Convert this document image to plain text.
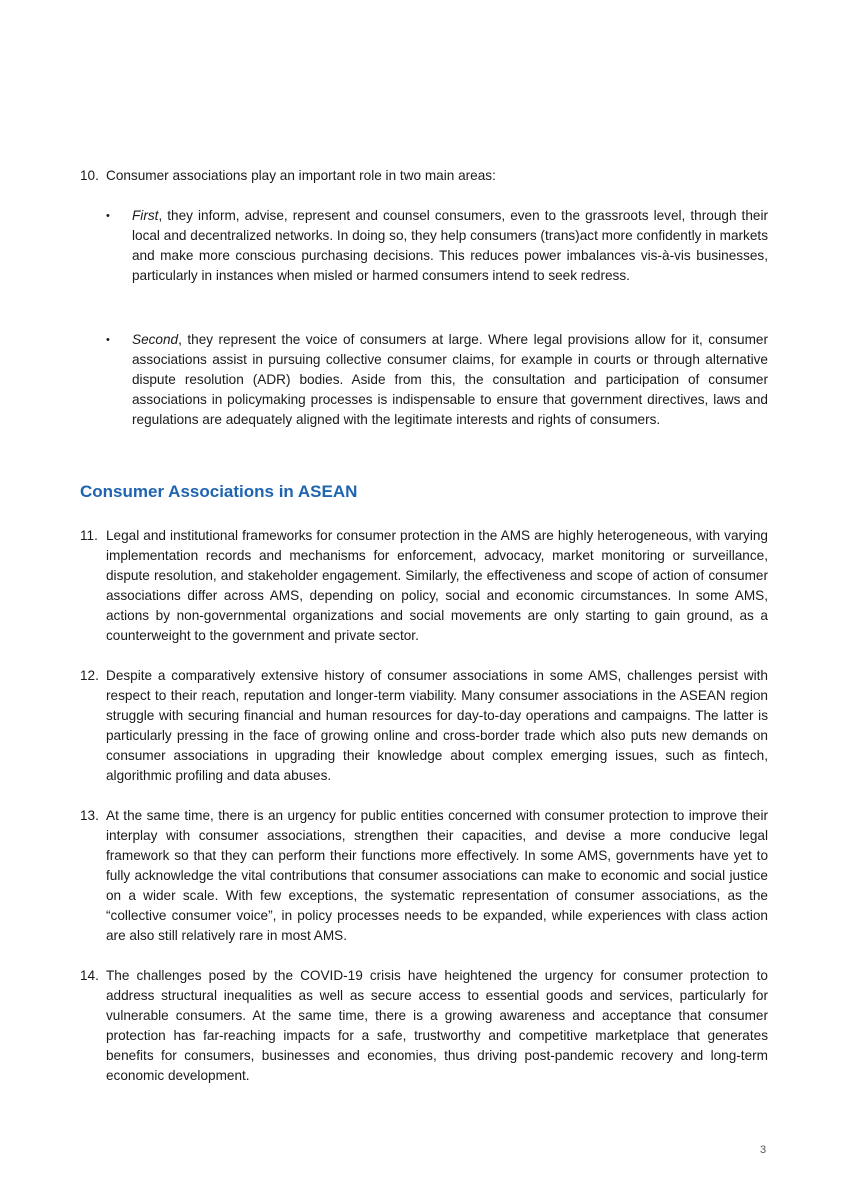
10. Consumer associations play an important role in two main areas:
• First, they inform, advise, represent and counsel consumers, even to the grassroots level, through their local and decentralized networks. In doing so, they help consumers (trans)act more confidently in markets and make more conscious purchasing decisions. This reduces power imbalances vis-à-vis businesses, particularly in instances when misled or harmed consumers intend to seek redress.
• Second, they represent the voice of consumers at large. Where legal provisions allow for it, consumer associations assist in pursuing collective consumer claims, for example in courts or through alternative dispute resolution (ADR) bodies. Aside from this, the consultation and participation of consumer associations in policymaking processes is indispensable to ensure that government directives, laws and regulations are adequately aligned with the legitimate interests and rights of consumers.
Consumer Associations in ASEAN
11. Legal and institutional frameworks for consumer protection in the AMS are highly heterogeneous, with varying implementation records and mechanisms for enforcement, advocacy, market monitoring or surveillance, dispute resolution, and stakeholder engagement. Similarly, the effectiveness and scope of action of consumer associations differ across AMS, depending on policy, social and economic circumstances. In some AMS, actions by non-governmental organizations and social movements are only starting to gain ground, as a counterweight to the government and private sector.
12. Despite a comparatively extensive history of consumer associations in some AMS, challenges persist with respect to their reach, reputation and longer-term viability. Many consumer associations in the ASEAN region struggle with securing financial and human resources for day-to-day operations and campaigns. The latter is particularly pressing in the face of growing online and cross-border trade which also puts new demands on consumer associations in upgrading their knowledge about complex emerging issues, such as fintech, algorithmic profiling and data abuses.
13. At the same time, there is an urgency for public entities concerned with consumer protection to improve their interplay with consumer associations, strengthen their capacities, and devise a more conducive legal framework so that they can perform their functions more effectively. In some AMS, governments have yet to fully acknowledge the vital contributions that consumer associations can make to economic and social justice on a wider scale. With few exceptions, the systematic representation of consumer associations, as the “collective consumer voice”, in policy processes needs to be expanded, while experiences with class action are also still relatively rare in most AMS.
14. The challenges posed by the COVID-19 crisis have heightened the urgency for consumer protection to address structural inequalities as well as secure access to essential goods and services, particularly for vulnerable consumers. At the same time, there is a growing awareness and acceptance that consumer protection has far-reaching impacts for a safe, trustworthy and competitive marketplace that generates benefits for consumers, businesses and economies, thus driving post-pandemic recovery and long-term economic development.
3
